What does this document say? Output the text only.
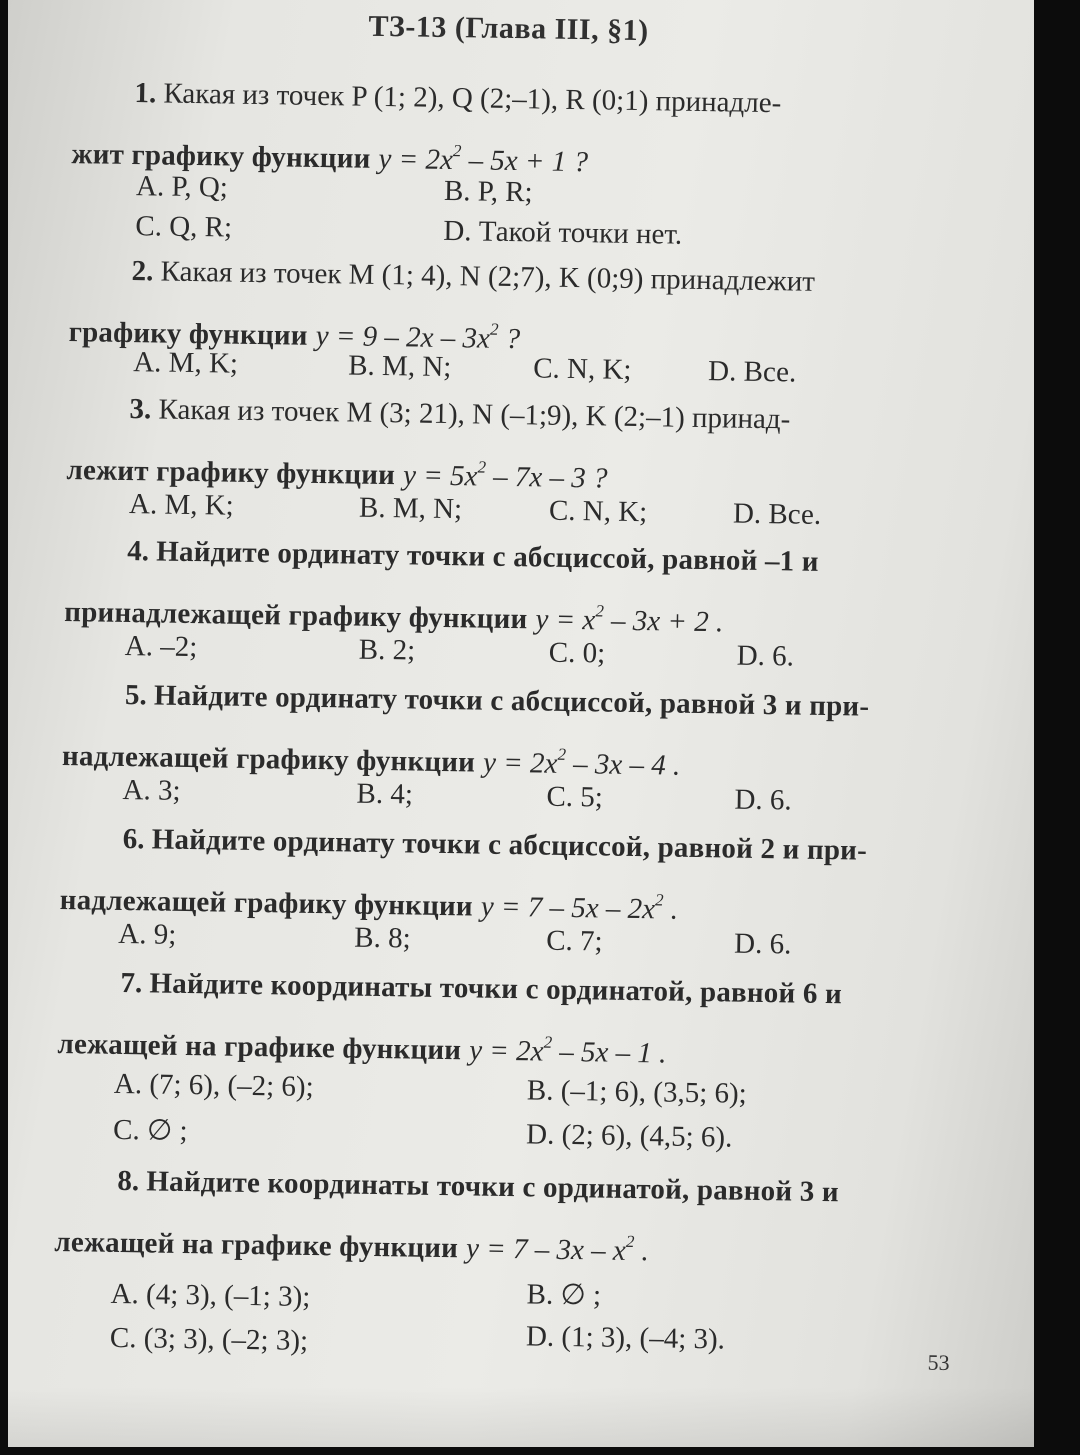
ТЗ-13 (Глава III, §1)
1. Какая из точек P (1; 2), Q (2;–1), R (0;1) принадле-
жит графику функции $y = 2x^2 - 5x + 1$ ?
A. P, Q;	B. P, R;
C. Q, R;	D. Такой точки нет.
2. Какая из точек M (1; 4), N (2;7), K (0;9) принадлежит
графику функции $y = 9 - 2x - 3x^2$ ?
A. M, K;	B. M, N;	C. N, K;	D. Все.
3. Какая из точек M (3; 21), N (–1;9), K (2;–1) принад-
лежит графику функции $y = 5x^2 - 7x - 3$ ?
A. M, K;	B. M, N;	C. N, K;	D. Все.
4. Найдите ординату точки с абсциссой, равной –1 и
принадлежащей графику функции $y = x^2 - 3x + 2$ .
A. –2;	B. 2;	C. 0;	D. 6.
5. Найдите ординату точки с абсциссой, равной 3 и при-
надлежащей графику функции $y = 2x^2 - 3x - 4$ .
A. 3;	B. 4;	C. 5;	D. 6.
6. Найдите ординату точки с абсциссой, равной 2 и при-
надлежащей графику функции $y = 7 - 5x - 2x^2$ .
A. 9;	B. 8;	C. 7;	D. 6.
7. Найдите координаты точки с ординатой, равной 6 и
лежащей на графике функции $y = 2x^2 - 5x - 1$ .
A. (7; 6), (–2; 6);	B. (–1; 6), (3,5; 6);
C. ∅ ;	D. (2; 6), (4,5; 6).
8. Найдите координаты точки с ординатой, равной 3 и
лежащей на графике функции $y = 7 - 3x - x^2$ .
A. (4; 3), (–1; 3);	B. ∅ ;
C. (3; 3), (–2; 3);	D. (1; 3), (–4; 3).
53
